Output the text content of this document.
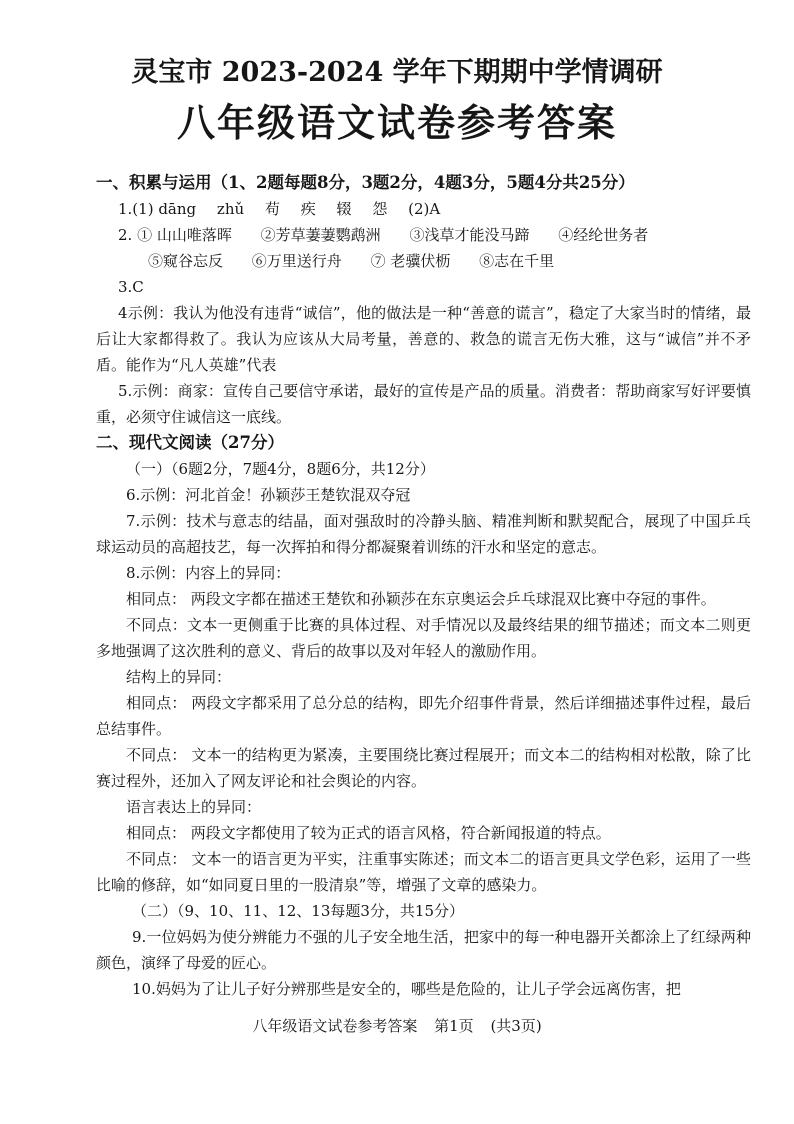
灵宝市 2023-2024 学年下期期中学情调研
八年级语文试卷参考答案
一、积累与运用（1、2题每题8分，3题2分，4题3分，5题4分共25分）
1.(1) dāng zhǔ 苟 疾 辍 怨 (2)A
2. ① 山山唯落晖 ②芳草萋萋鹦鹉洲 ③浅草才能没马蹄 ④经纶世务者
⑤窥谷忘反 ⑥万里送行舟 ⑦ 老骥伏枥 ⑧志在千里
3.C
4示例：我认为他没有违背“诚信”，他的做法是一种“善意的谎言”，稳定了大家当时的情绪，最后让大家都得救了。我认为应该从大局考量，善意的、救急的谎言无伤大雅，这与“诚信”并不矛盾。能作为“凡人英雄”代表
5.示例：商家：宣传自己要信守承诺，最好的宣传是产品的质量。消费者：帮助商家写好评要慎重，必须守住诚信这一底线。
二、现代文阅读（27分）
（一）（6题2分，7题4分，8题6分，共12分）
6.示例：河北首金！孙颖莎王楚钦混双夺冠
7.示例：技术与意志的结晶，面对强敌时的冷静头脑、精准判断和默契配合，展现了中国乒乓球运动员的高超技艺，每一次挥拍和得分都凝聚着训练的汗水和坚定的意志。
8.示例：内容上的异同：
相同点： 两段文字都在描述王楚钦和孙颖莎在东京奥运会乒乓球混双比赛中夺冠的事件。
不同点：文本一更侧重于比赛的具体过程、对手情况以及最终结果的细节描述；而文本二则更多地强调了这次胜利的意义、背后的故事以及对年轻人的激励作用。
结构上的异同：
相同点： 两段文字都采用了总分总的结构，即先介绍事件背景，然后详细描述事件过程，最后总结事件。
不同点： 文本一的结构更为紧凑，主要围绕比赛过程展开；而文本二的结构相对松散，除了比赛过程外，还加入了网友评论和社会舆论的内容。
语言表达上的异同：
相同点： 两段文字都使用了较为正式的语言风格，符合新闻报道的特点。
不同点： 文本一的语言更为平实，注重事实陈述；而文本二的语言更具文学色彩，运用了一些比喻的修辞，如“如同夏日里的一股清泉”等，增强了文章的感染力。
（二）（9、10、11、12、13每题3分，共15分）
9.一位妈妈为使分辨能力不强的儿子安全地生活，把家中的每一种电器开关都涂上了红绿两种颜色，演绎了母爱的匠心。
10.妈妈为了让儿子好分辨那些是安全的，哪些是危险的，让儿子学会远离伤害，把
八年级语文试卷参考答案 第1页 (共3页)
